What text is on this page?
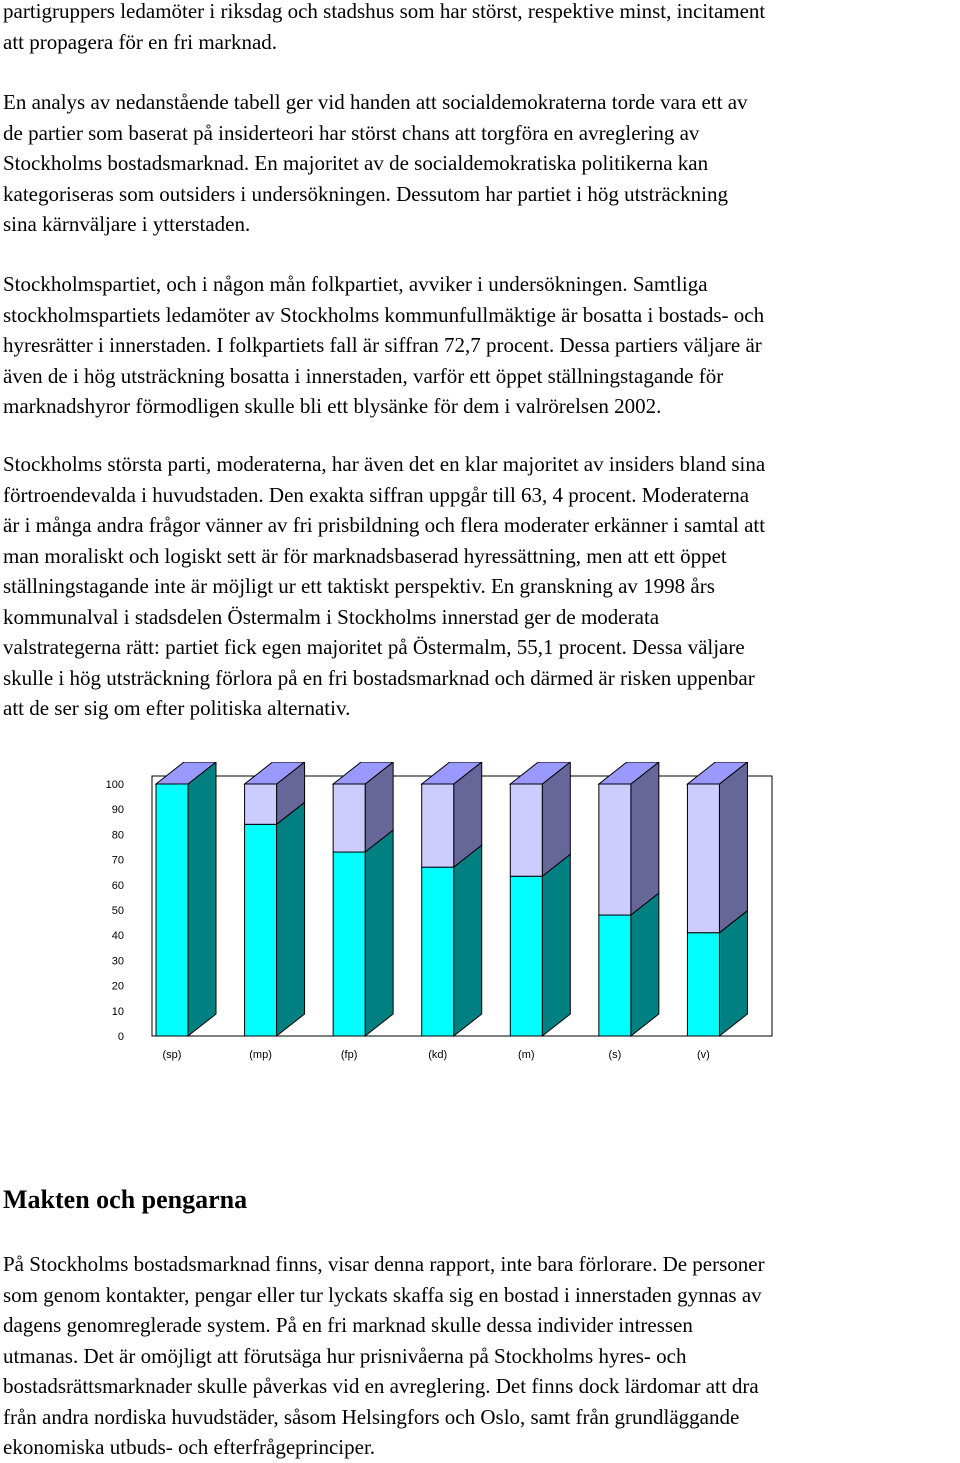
partigruppers ledamöter i riksdag och stadshus som har störst, respektive minst, incitament
att propagera för en fri marknad.
En analys av nedanstående tabell ger vid handen att socialdemokraterna torde vara ett av
de partier som baserat på insiderteori har störst chans att torgföra en avreglering av
Stockholms bostadsmarknad. En majoritet av de socialdemokratiska politikerna kan
kategoriseras som outsiders i undersökningen. Dessutom har partiet i hög utsträckning
sina kärnväljare i ytterstaden.
Stockholmspartiet, och i någon mån folkpartiet, avviker i undersökningen. Samtliga
stockholmspartiets ledamöter av Stockholms kommunfullmäktige är bosatta i bostads- och
hyresrätter i innerstaden. I folkpartiets fall är siffran 72,7 procent. Dessa partiers väljare är
även de i hög utsträckning bosatta i innerstaden, varför ett öppet ställningstagande för
marknadshyror förmodligen skulle bli ett blysänke för dem i valrörelsen 2002.
Stockholms största parti, moderaterna, har även det en klar majoritet av insiders bland sina
förtroendevalda i huvudstaden. Den exakta siffran uppgår till 63, 4 procent. Moderaterna
är i många andra frågor vänner av fri prisbildning och flera moderater erkänner i samtal att
man moraliskt och logiskt sett är för marknadsbaserad hyressättning, men att ett öppet
ställningstagande inte är möjligt ur ett taktiskt perspektiv. En granskning av 1998 års
kommunalval i stadsdelen Östermalm i Stockholms innerstad ger de moderata
valstrategerna rätt: partiet fick egen majoritet på Östermalm, 55,1 procent. Dessa väljare
skulle i hög utsträckning förlora på en fri bostadsmarknad och därmed är risken uppenbar
att de ser sig om efter politiska alternativ.
0
10
20
30
40
50
60
70
80
90
100
(sp)	(mp)	(fp)	(kd)	(m)	(s)	(v)
Makten och pengarna
På Stockholms bostadsmarknad finns, visar denna rapport, inte bara förlorare. De personer
som genom kontakter, pengar eller tur lyckats skaffa sig en bostad i innerstaden gynnas av
dagens genomreglerade system. På en fri marknad skulle dessa individer intressen
utmanas. Det är omöjligt att förutsäga hur prisnivåerna på Stockholms hyres- och
bostadsrättsmarknader skulle påverkas vid en avreglering. Det finns dock lärdomar att dra
från andra nordiska huvudstäder, såsom Helsingfors och Oslo, samt från grundläggande
ekonomiska utbuds- och efterfrågeprinciper.
